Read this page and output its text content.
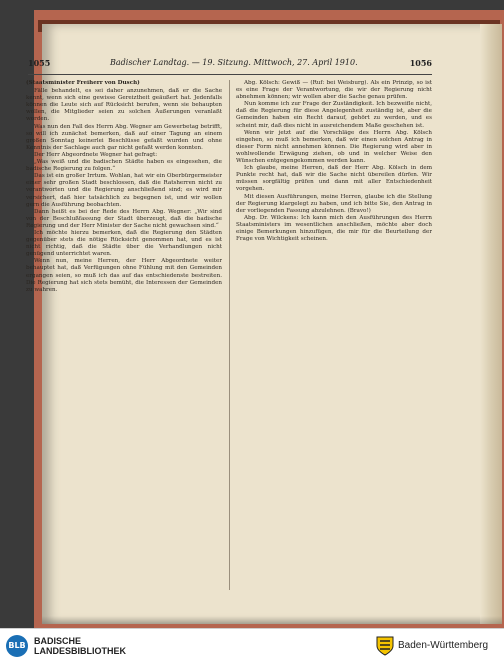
1055	Badischer Landtag. — 19. Sitzung. Mittwoch, 27. April 1910.	1056

(Staatsminister Freiherr von Dusch)

Fälle behandelt, es sei daher anzunehmen, daß er die Sache kennt, wenn sich eine gewisse Gereiztheit geäußert hat. Jedenfalls können die Leute sich auf Rücksicht berufen, wenn sie behaupten wollen, die Mitglieder seien zu solchen Äußerungen veranlaßt worden.

Was nun den Fall des Herrn Abg. Wegner am Gewerbetag betrifft, so will ich zunächst bemerken, daß auf einer Tagung an einem großen Sonntag keinerlei Beschlüsse gefaßt wurden und ohne Kenntnis der Sachlage auch gar nicht gefaßt werden konnten.

Der Herr Abgeordnete Wegner hat gefragt:

„Was weiß und die badischen Städte haben es eingesehen, die badische Regierung zu folgen.“

Das ist ein großer Irrtum. Wohlan, hat wir ein Oberbürgermeister einer sehr großen Stadt beschlossen, daß die Ratsherren nicht zu verantworten und die Regierung anschließend sind; es wird mir versichert, daß hier tatsächlich zu begegnen ist, und wir wollen gern die Ausführung beobachten.

Dann heißt es bei der Rede des Herrn Abg. Wegner: „Wir sind von der Beschlußfassung der Stadt überzeugt, daß die badische Regierung und der Herr Minister der Sache nicht gewachsen sind.“

Ich möchte hierzu bemerken, daß die Regierung den Städten gegenüber stets die nötige Rücksicht genommen hat, und es ist nicht richtig, daß die Städte über die Verhandlungen nicht genügend unterrichtet waren.

Wenn nun, meine Herren, der Herr Abgeordnete weiter behauptet hat, daß Verfügungen ohne Fühlung mit den Gemeinden ergangen seien, so muß ich das auf das entschiedenste bestreiten. Die Regierung hat sich stets bemüht, die Interessen der Gemeinden zu wahren.

Abg. Kölsch: Gewiß — (Ruf: bei Weisburg). Als ein Prinzip, so ist es eine Frage der Verantwortung, die wir der Regierung nicht abnehmen können; wir wollen aber die Sache genau prüfen.

Nun komme ich zur Frage der Zuständigkeit. Ich bezweifle nicht, daß die Regierung für diese Angelegenheit zuständig ist, aber die Gemeinden haben ein Recht darauf, gehört zu werden, und es scheint mir, daß dies nicht in ausreichendem Maße geschehen ist.

Wenn wir jetzt auf die Vorschläge des Herrn Abg. Kölsch eingehen, so muß ich bemerken, daß wir einen solchen Antrag in dieser Form nicht annehmen können. Die Regierung wird aber in wohlwollende Erwägung ziehen, ob und in welcher Weise den Wünschen entgegengekommen werden kann.

Ich glaube, meine Herren, daß der Herr Abg. Kölsch in dem Punkte recht hat, daß wir die Sache nicht übereilen dürfen. Wir müssen sorgfältig prüfen und dann mit aller Entschiedenheit vorgehen.

Mit diesen Ausführungen, meine Herren, glaube ich die Stellung der Regierung klargelegt zu haben, und ich bitte Sie, den Antrag in der vorliegenden Fassung abzulehnen. (Bravo!)

Abg. Dr. Wilckens: Ich kann mich den Ausführungen des Herrn Staatsministers im wesentlichen anschließen, möchte aber doch einige Bemerkungen hinzufügen, die mir für die Beurteilung der Frage von Wichtigkeit scheinen.

BLB BADISCHE
LANDESBIBLIOTHEK	Baden-Württemberg
